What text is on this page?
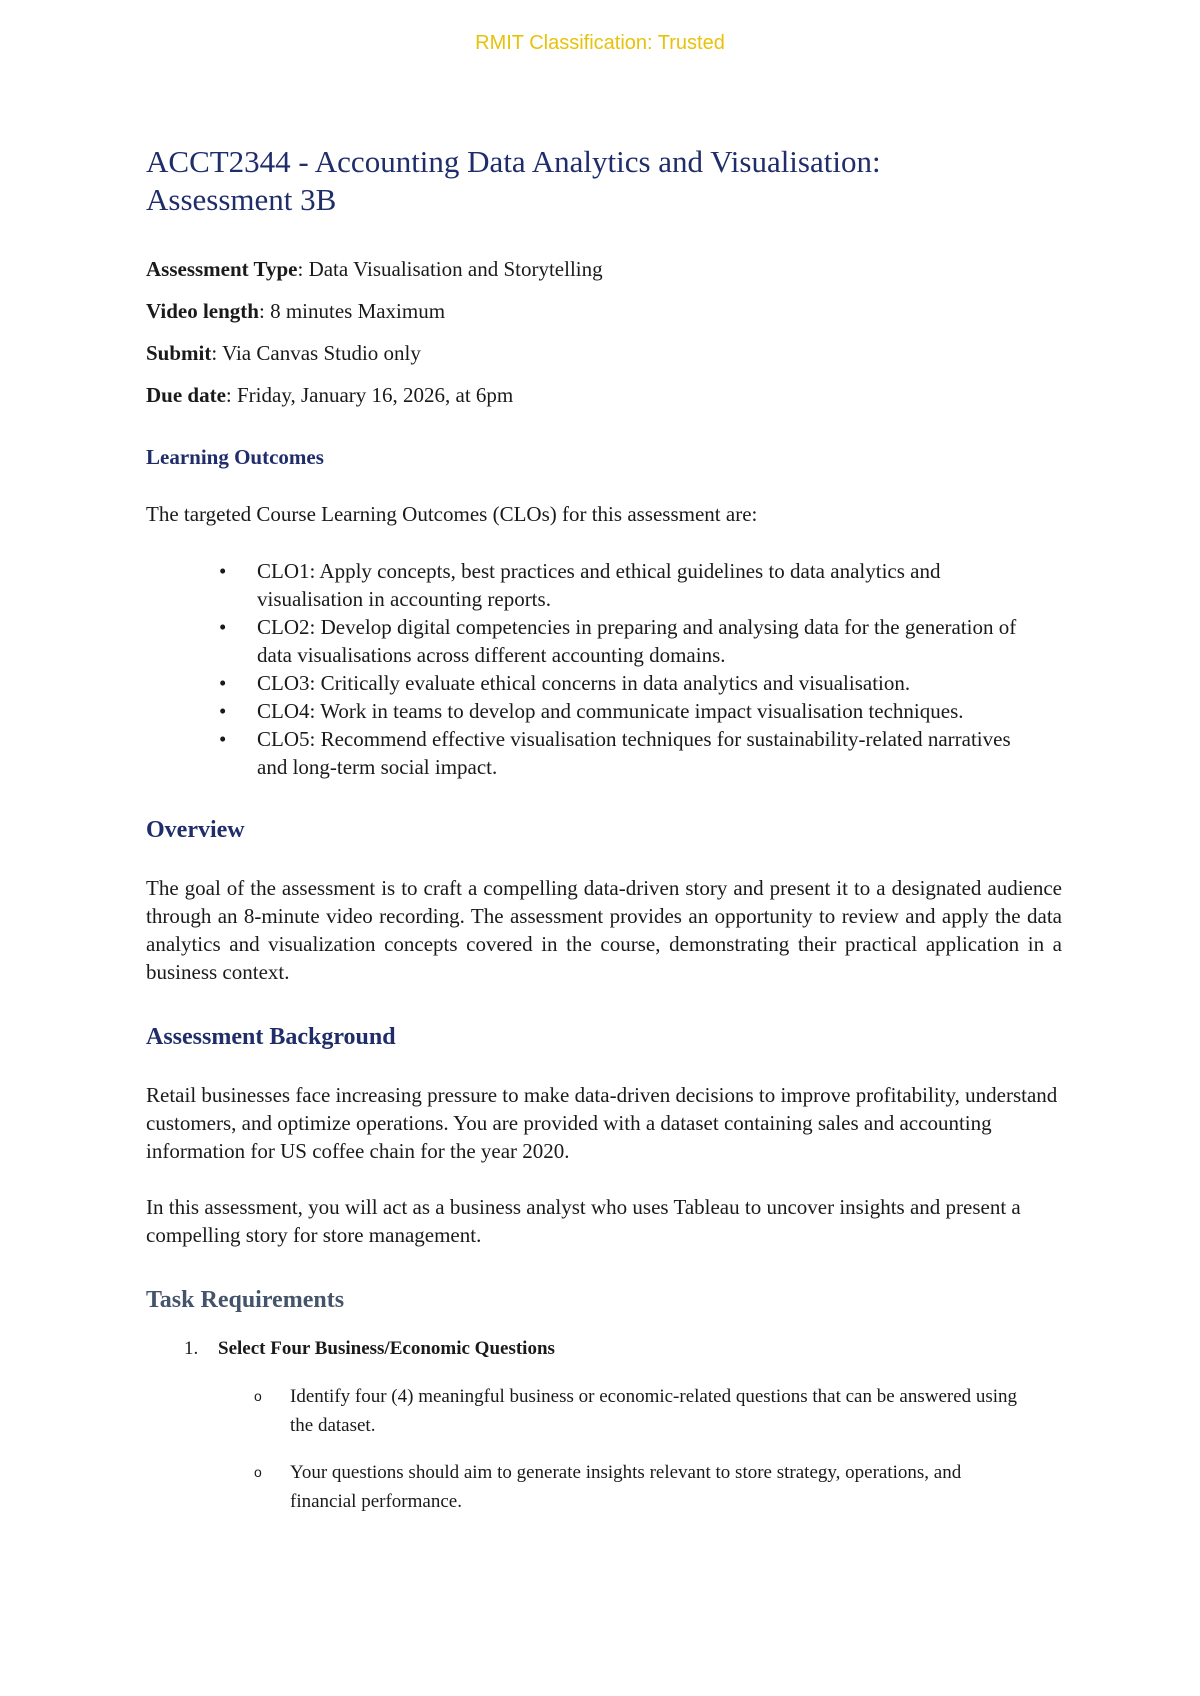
RMIT Classification: Trusted
ACCT2344 - Accounting Data Analytics and Visualisation:
Assessment 3B

Assessment Type: Data Visualisation and Storytelling

Video length: 8 minutes Maximum

Submit: Via Canvas Studio only

Due date: Friday, January 16, 2026, at 6pm

Learning Outcomes

The targeted Course Learning Outcomes (CLOs) for this assessment are:

• CLO1: Apply concepts, best practices and ethical guidelines to data analytics and visualisation in accounting reports.
• CLO2: Develop digital competencies in preparing and analysing data for the generation of data visualisations across different accounting domains.
• CLO3: Critically evaluate ethical concerns in data analytics and visualisation.
• CLO4: Work in teams to develop and communicate impact visualisation techniques.
• CLO5: Recommend effective visualisation techniques for sustainability-related narratives and long-term social impact.
Overview

The goal of the assessment is to craft a compelling data-driven story and present it to a designated audience through an 8-minute video recording. The assessment provides an opportunity to review and apply the data analytics and visualization concepts covered in the course, demonstrating their practical application in a business context.

Assessment Background

Retail businesses face increasing pressure to make data-driven decisions to improve profitability, understand customers, and optimize operations. You are provided with a dataset containing sales and accounting information for US coffee chain for the year 2020.

In this assessment, you will act as a business analyst who uses Tableau to uncover insights and present a compelling story for store management.

Task Requirements
1. Select Four Business/Economic Questions
o Identify four (4) meaningful business or economic-related questions that can be answered using the dataset.
o Your questions should aim to generate insights relevant to store strategy, operations, and financial performance.
